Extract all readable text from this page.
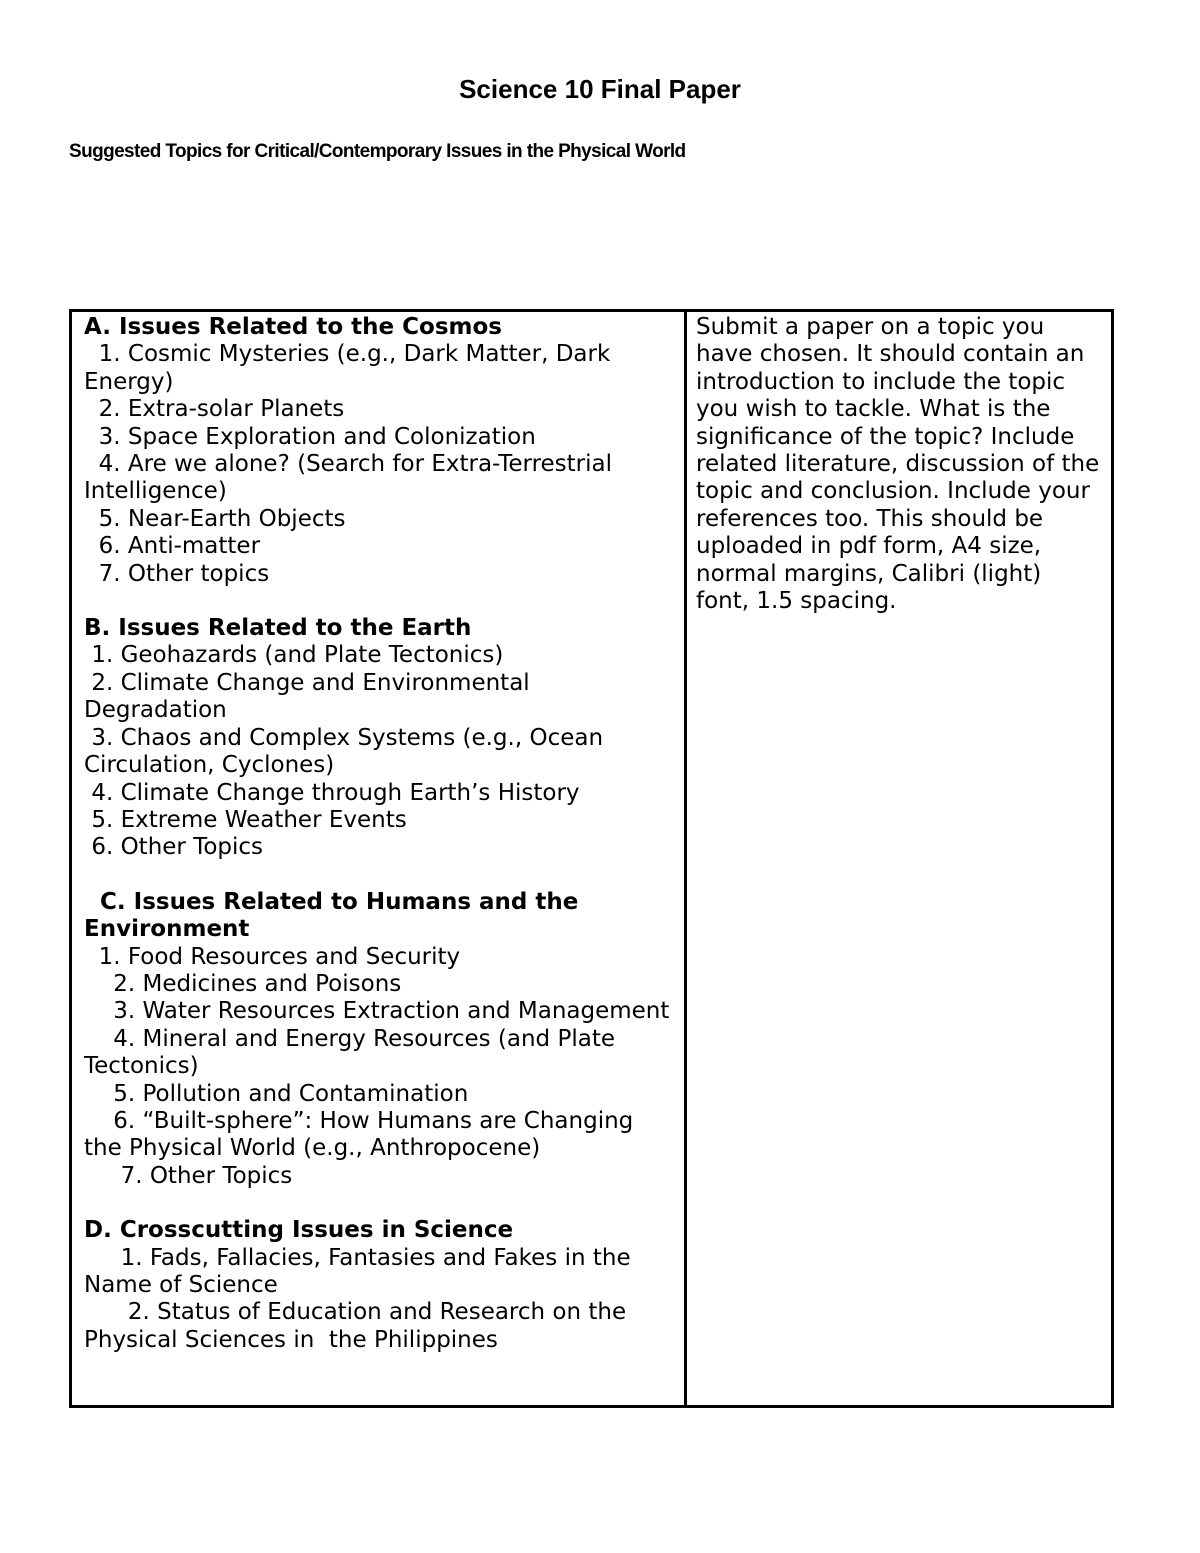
Science 10 Final Paper
Suggested Topics for Critical/Contemporary Issues in the Physical World
A. Issues Related to the Cosmos
1. Cosmic Mysteries (e.g., Dark Matter, Dark Energy)
2. Extra-solar Planets
3. Space Exploration and Colonization
4. Are we alone? (Search for Extra-Terrestrial Intelligence)
5. Near-Earth Objects
6. Anti-matter
7. Other topics
B. Issues Related to the Earth
1. Geohazards (and Plate Tectonics)
2. Climate Change and Environmental Degradation
3. Chaos and Complex Systems (e.g., Ocean Circulation, Cyclones)
4. Climate Change through Earth’s History
5. Extreme Weather Events
6. Other Topics
C. Issues Related to Humans and the Environment
1. Food Resources and Security
2. Medicines and Poisons
3. Water Resources Extraction and Management
4. Mineral and Energy Resources (and Plate Tectonics)
5. Pollution and Contamination
6. “Built-sphere”: How Humans are Changing the Physical World (e.g., Anthropocene)
7. Other Topics
D. Crosscutting Issues in Science
1. Fads, Fallacies, Fantasies and Fakes in the Name of Science
2. Status of Education and Research on the Physical Sciences in  the Philippines

Submit a paper on a topic you have chosen. It should contain an introduction to include the topic you wish to tackle. What is the significance of the topic? Include related literature, discussion of the topic and conclusion. Include your references too. This should be uploaded in pdf form, A4 size, normal margins, Calibri (light) font, 1.5 spacing.
